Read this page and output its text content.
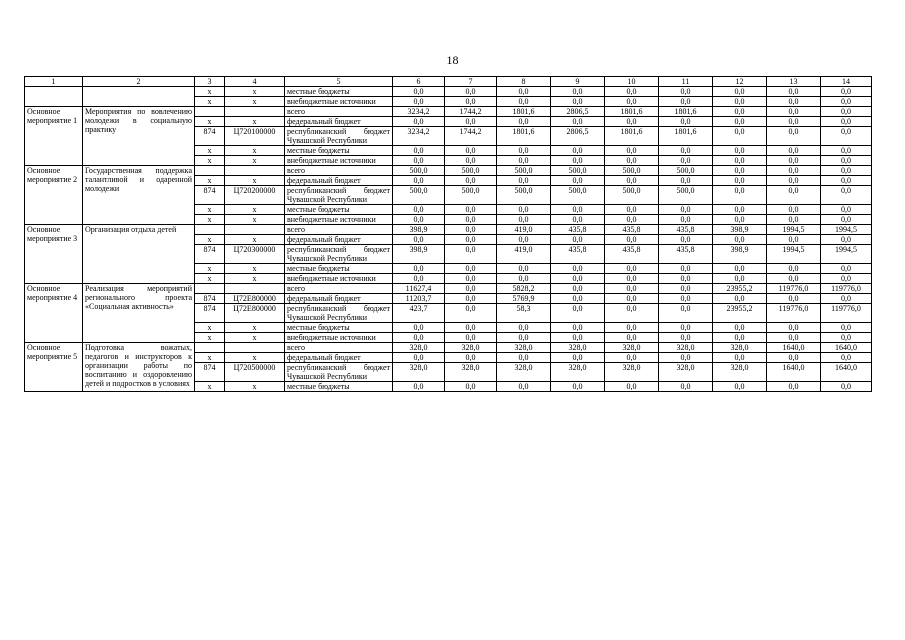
18
1	2	3	4	5	6	7	8	9	10	11	12	13	14
		x	x	местные бюджеты	0,0	0,0	0,0	0,0	0,0	0,0	0,0	0,0	0,0
		x	x	внебюджетные источники	0,0	0,0	0,0	0,0	0,0	0,0	0,0	0,0	0,0
Основное мероприятие 1	Мероприятия по вовлечению молодежи в социальную практику			всего	3234,2	1744,2	1801,6	2806,5	1801,6	1801,6	0,0	0,0	0,0
		x	x	федеральный бюджет	0,0	0,0	0,0	0,0	0,0	0,0	0,0	0,0	0,0
		874	Ц720100000	республиканский бюджет Чувашской Республики	3234,2	1744,2	1801,6	2806,5	1801,6	1801,6	0,0	0,0	0,0
		x	x	местные бюджеты	0,0	0,0	0,0	0,0	0,0	0,0	0,0	0,0	0,0
		x	x	внебюджетные источники	0,0	0,0	0,0	0,0	0,0	0,0	0,0	0,0	0,0
Основное мероприятие 2	Государственная поддержка талантливой и одаренной молодежи			всего	500,0	500,0	500,0	500,0	500,0	500,0	0,0	0,0	0,0
		x	x	федеральный бюджет	0,0	0,0	0,0	0,0	0,0	0,0	0,0	0,0	0,0
		874	Ц720200000	республиканский бюджет Чувашской Республики	500,0	500,0	500,0	500,0	500,0	500,0	0,0	0,0	0,0
		x	x	местные бюджеты	0,0	0,0	0,0	0,0	0,0	0,0	0,0	0,0	0,0
		x	x	внебюджетные источники	0,0	0,0	0,0	0,0	0,0	0,0	0,0	0,0	0,0
Основное мероприятие 3	Организация отдыха детей			всего	398,9	0,0	419,0	435,8	435,8	435,8	398,9	1994,5	1994,5
		x	x	федеральный бюджет	0,0	0,0	0,0	0,0	0,0	0,0	0,0	0,0	0,0
		874	Ц720300000	республиканский бюджет Чувашской Республики	398,9	0,0	419,0	435,8	435,8	435,8	398,9	1994,5	1994,5
		x	x	местные бюджеты	0,0	0,0	0,0	0,0	0,0	0,0	0,0	0,0	0,0
		x	x	внебюджетные источники	0,0	0,0	0,0	0,0	0,0	0,0	0,0	0,0	0,0
Основное мероприятие 4	Реализация мероприятий регионального проекта «Социальная активность»			всего	11627,4	0,0	5828,2	0,0	0,0	0,0	23955,2	119776,0	119776,0
		874	Ц72Е800000	федеральный бюджет	11203,7	0,0	5769,9	0,0	0,0	0,0	0,0	0,0	0,0
		874	Ц72Е800000	республиканский бюджет Чувашской Республики	423,7	0,0	58,3	0,0	0,0	0,0	23955,2	119776,0	119776,0
		x	x	местные бюджеты	0,0	0,0	0,0	0,0	0,0	0,0	0,0	0,0	0,0
		x	x	внебюджетные источники	0,0	0,0	0,0	0,0	0,0	0,0	0,0	0,0	0,0
Основное мероприятие 5	Подготовка вожатых, педагогов и инструкторов к организации работы по воспитанию и оздоровлению детей и подростков в условиях			всего	328,0	328,0	328,0	328,0	328,0	328,0	328,0	1640,0	1640,0
		x	x	федеральный бюджет	0,0	0,0	0,0	0,0	0,0	0,0	0,0	0,0	0,0
		874	Ц720500000	республиканский бюджет Чувашской Республики	328,0	328,0	328,0	328,0	328,0	328,0	328,0	1640,0	1640,0
		x	x	местные бюджеты	0,0	0,0	0,0	0,0	0,0	0,0	0,0	0,0	0,0
